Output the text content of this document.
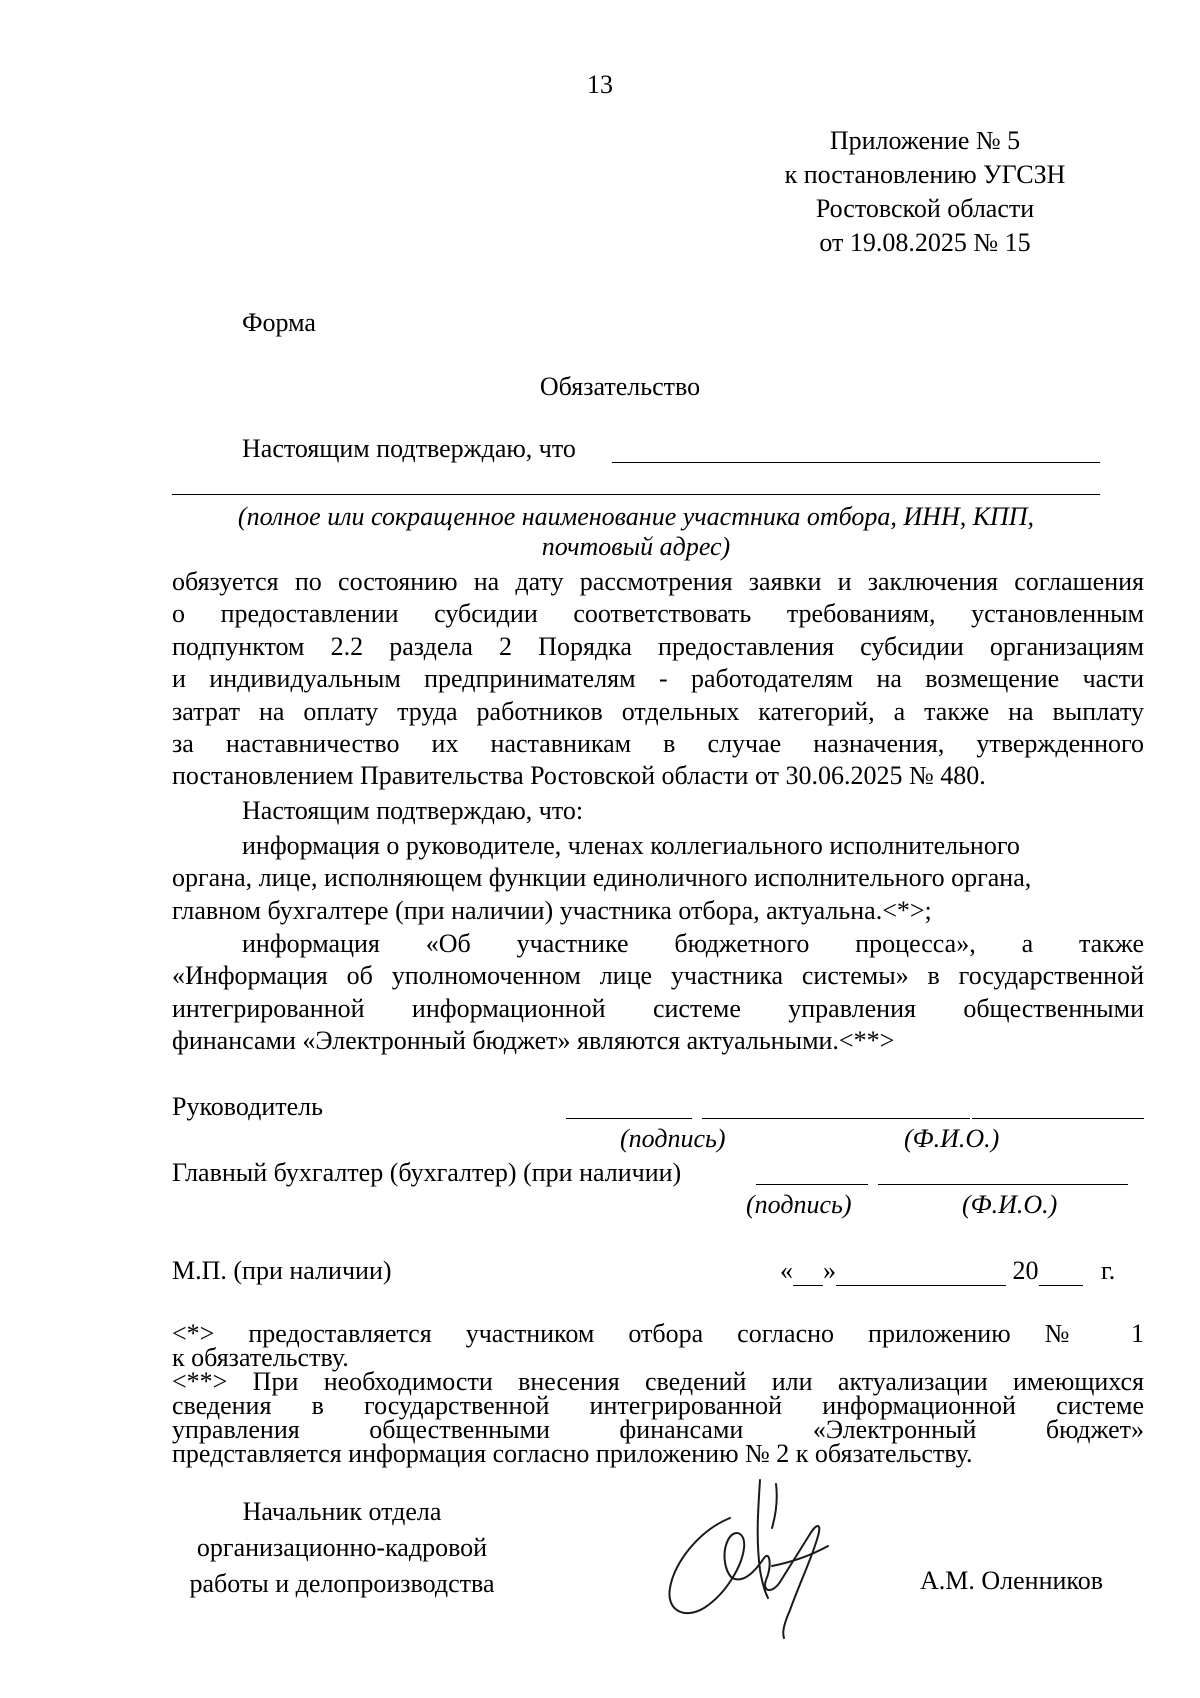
13
Приложение № 5
к постановлению УГСЗН
Ростовской области
от 19.08.2025 № 15
Форма
Обязательство
Настоящим подтверждаю, что
(полное или сокращенное наименование участника отбора, ИНН, КПП,
почтовый адрес)
обязуется по состоянию на дату рассмотрения заявки и заключения соглашения
о предоставлении субсидии соответствовать требованиям, установленным
подпунктом 2.2 раздела 2 Порядка предоставления субсидии организациям
и индивидуальным предпринимателям - работодателям на возмещение части
затрат на оплату труда работников отдельных категорий, а также на выплату
за наставничество их наставникам в случае назначения, утвержденного
постановлением Правительства Ростовской области от 30.06.2025 № 480.
Настоящим подтверждаю, что:
информация о руководителе, членах коллегиального исполнительного
органа, лице, исполняющем функции единоличного исполнительного органа,
главном бухгалтере (при наличии) участника отбора, актуальна.<*>;
информация «Об участнике бюджетного процесса», а также
«Информация об уполномоченном лице участника системы» в государственной
интегрированной информационной системе управления общественными
финансами «Электронный бюджет» являются актуальными.<**>
Руководитель
(подпись)	(Ф.И.О.)
Главный бухгалтер (бухгалтер) (при наличии)
(подпись)	(Ф.И.О.)
М.П. (при наличии)	« »	20 г.
<*> предоставляется участником отбора согласно приложению № 1
к обязательству.
<**> При необходимости внесения сведений или актуализации имеющихся
сведения в государственной интегрированной информационной системе
управления общественными финансами «Электронный бюджет»
представляется информация согласно приложению № 2 к обязательству.
Начальник отдела
организационно-кадровой
работы и делопроизводства	А.М. Оленников
